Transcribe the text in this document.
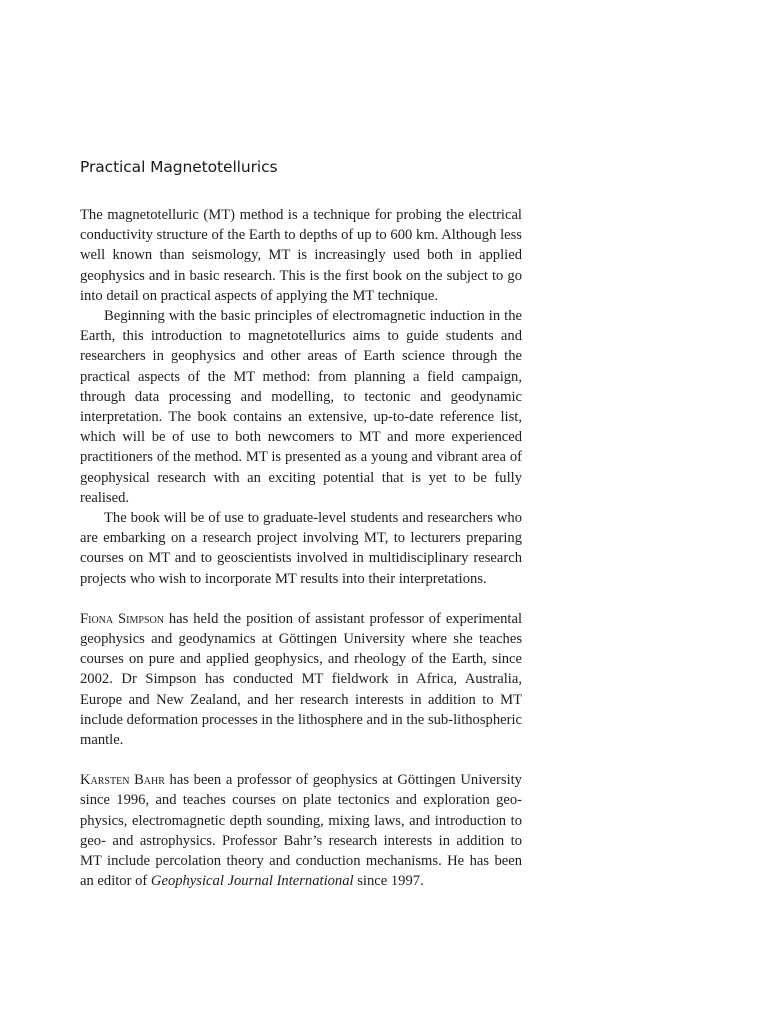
Practical Magnetotellurics

The magnetotelluric (MT) method is a technique for probing the electrical conductivity structure of the Earth to depths of up to 600 km. Although less well known than seismology, MT is increasingly used both in applied geophysics and in basic research. This is the first book on the subject to go into detail on practical aspects of applying the MT technique.

Beginning with the basic principles of electromagnetic induction in the Earth, this introduction to magnetotellurics aims to guide students and researchers in geophysics and other areas of Earth science through the practical aspects of the MT method: from planning a field campaign, through data processing and modelling, to tectonic and geodynamic interpretation. The book contains an extensive, up-to-date reference list, which will be of use to both newcomers to MT and more experienced practitioners of the method. MT is presented as a young and vibrant area of geophysical research with an exciting potential that is yet to be fully realised.

The book will be of use to graduate-level students and researchers who are embarking on a research project involving MT, to lecturers preparing courses on MT and to geoscientists involved in multidisciplinary research projects who wish to incorporate MT results into their interpretations.

Fiona Simpson has held the position of assistant professor of experimental geophysics and geodynamics at Göttingen University where she teaches courses on pure and applied geophysics, and rheology of the Earth, since 2002. Dr Simpson has conducted MT fieldwork in Africa, Australia, Europe and New Zealand, and her research interests in addition to MT include deformation processes in the lithosphere and in the sub-lithospheric mantle.

Karsten Bahr has been a professor of geophysics at Göttingen University since 1996, and teaches courses on plate tectonics and exploration geophysics, electromagnetic depth sounding, mixing laws, and introduction to geo- and astrophysics. Professor Bahr’s research interests in addition to MT include percolation theory and conduction mechanisms. He has been an editor of Geophysical Journal International since 1997.
